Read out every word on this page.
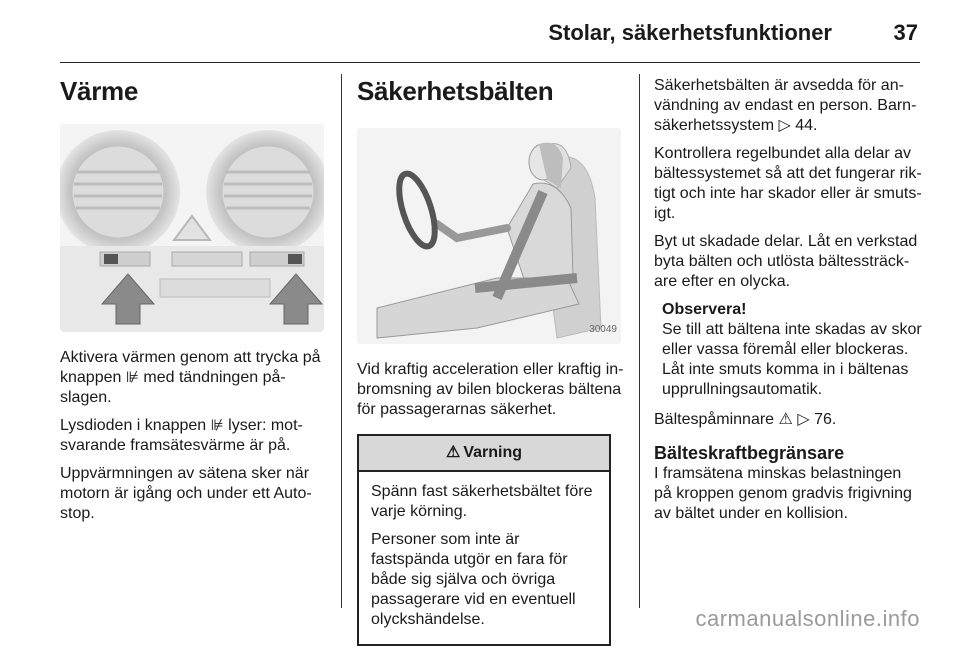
Stolar, säkerhetsfunktioner	37
Värme

Aktivera värmen genom att trycka på knappen ⊯ med tändningen på-slagen.

Lysdioden i knappen ⊯ lyser: mot-svarande framsätesvärme är på.

Uppvärmningen av sätena sker när motorn är igång och under ett Auto-stop.

Säkerhetsbälten
30049

Vid kraftig acceleration eller kraftig in-bromsning av bilen blockeras bältena för passagerarnas säkerhet.

⚠ Varning

Spänn fast säkerhetsbältet före varje körning.

Personer som inte är fastspända utgör en fara för både sig själva och övriga passagerare vid en eventuell olyckshändelse.

Säkerhetsbälten är avsedda för an-vändning av endast en person. Barn-säkerhetssystem ▷ 44.

Kontrollera regelbundet alla delar av bältessystemet så att det fungerar rik-tigt och inte har skador eller är smuts-igt.

Byt ut skadade delar. Låt en verkstad byta bälten och utlösta bältessträck-are efter en olycka.

Observera!
Se till att bältena inte skadas av skor eller vassa föremål eller blockeras. Låt inte smuts komma in i bältenas upprullningsautomatik.

Bältespåminnare ⚠ ▷ 76.

Bälteskraftbegränsare

I framsätena minskas belastningen på kroppen genom gradvis frigivning av bältet under en kollision.

carmanualsonline.info
